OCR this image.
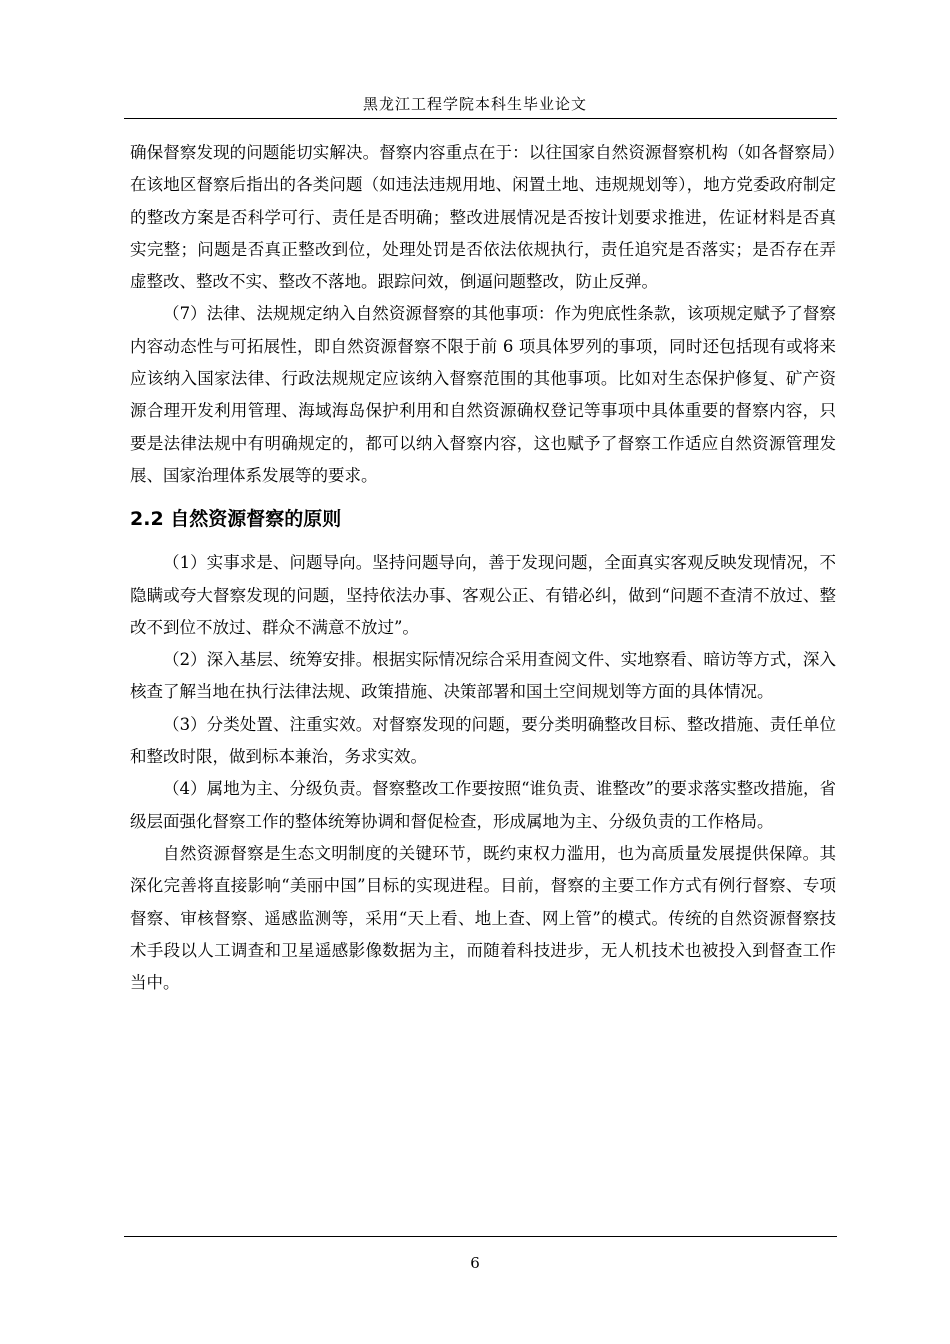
黑龙江工程学院本科生毕业论文

确保督察发现的问题能切实解决。督察内容重点在于：以往国家自然资源督察机构（如各督察局）在该地区督察后指出的各类问题（如违法违规用地、闲置土地、违规规划等），地方党委政府制定的整改方案是否科学可行、责任是否明确；整改进展情况是否按计划要求推进，佐证材料是否真实完整；问题是否真正整改到位，处理处罚是否依法依规执行，责任追究是否落实；是否存在弄虚整改、整改不实、整改不落地。跟踪问效，倒逼问题整改，防止反弹。

（7）法律、法规规定纳入自然资源督察的其他事项：作为兜底性条款，该项规定赋予了督察内容动态性与可拓展性，即自然资源督察不限于前 6 项具体罗列的事项，同时还包括现有或将来应该纳入国家法律、行政法规规定应该纳入督察范围的其他事项。比如对生态保护修复、矿产资源合理开发利用管理、海域海岛保护利用和自然资源确权登记等事项中具体重要的督察内容，只要是法律法规中有明确规定的，都可以纳入督察内容，这也赋予了督察工作适应自然资源管理发展、国家治理体系发展等的要求。

2.2 自然资源督察的原则

（1）实事求是、问题导向。坚持问题导向，善于发现问题，全面真实客观反映发现情况，不隐瞒或夸大督察发现的问题，坚持依法办事、客观公正、有错必纠，做到“问题不查清不放过、整改不到位不放过、群众不满意不放过”。

（2）深入基层、统筹安排。根据实际情况综合采用查阅文件、实地察看、暗访等方式，深入核查了解当地在执行法律法规、政策措施、决策部署和国土空间规划等方面的具体情况。

（3）分类处置、注重实效。对督察发现的问题，要分类明确整改目标、整改措施、责任单位和整改时限，做到标本兼治，务求实效。

（4）属地为主、分级负责。督察整改工作要按照“谁负责、谁整改”的要求落实整改措施，省级层面强化督察工作的整体统筹协调和督促检查，形成属地为主、分级负责的工作格局。

自然资源督察是生态文明制度的关键环节，既约束权力滥用，也为高质量发展提供保障。其深化完善将直接影响“美丽中国”目标的实现进程。目前，督察的主要工作方式有例行督察、专项督察、审核督察、遥感监测等，采用“天上看、地上查、网上管”的模式。传统的自然资源督察技术手段以人工调查和卫星遥感影像数据为主，而随着科技进步，无人机技术也被投入到督查工作当中。

6
